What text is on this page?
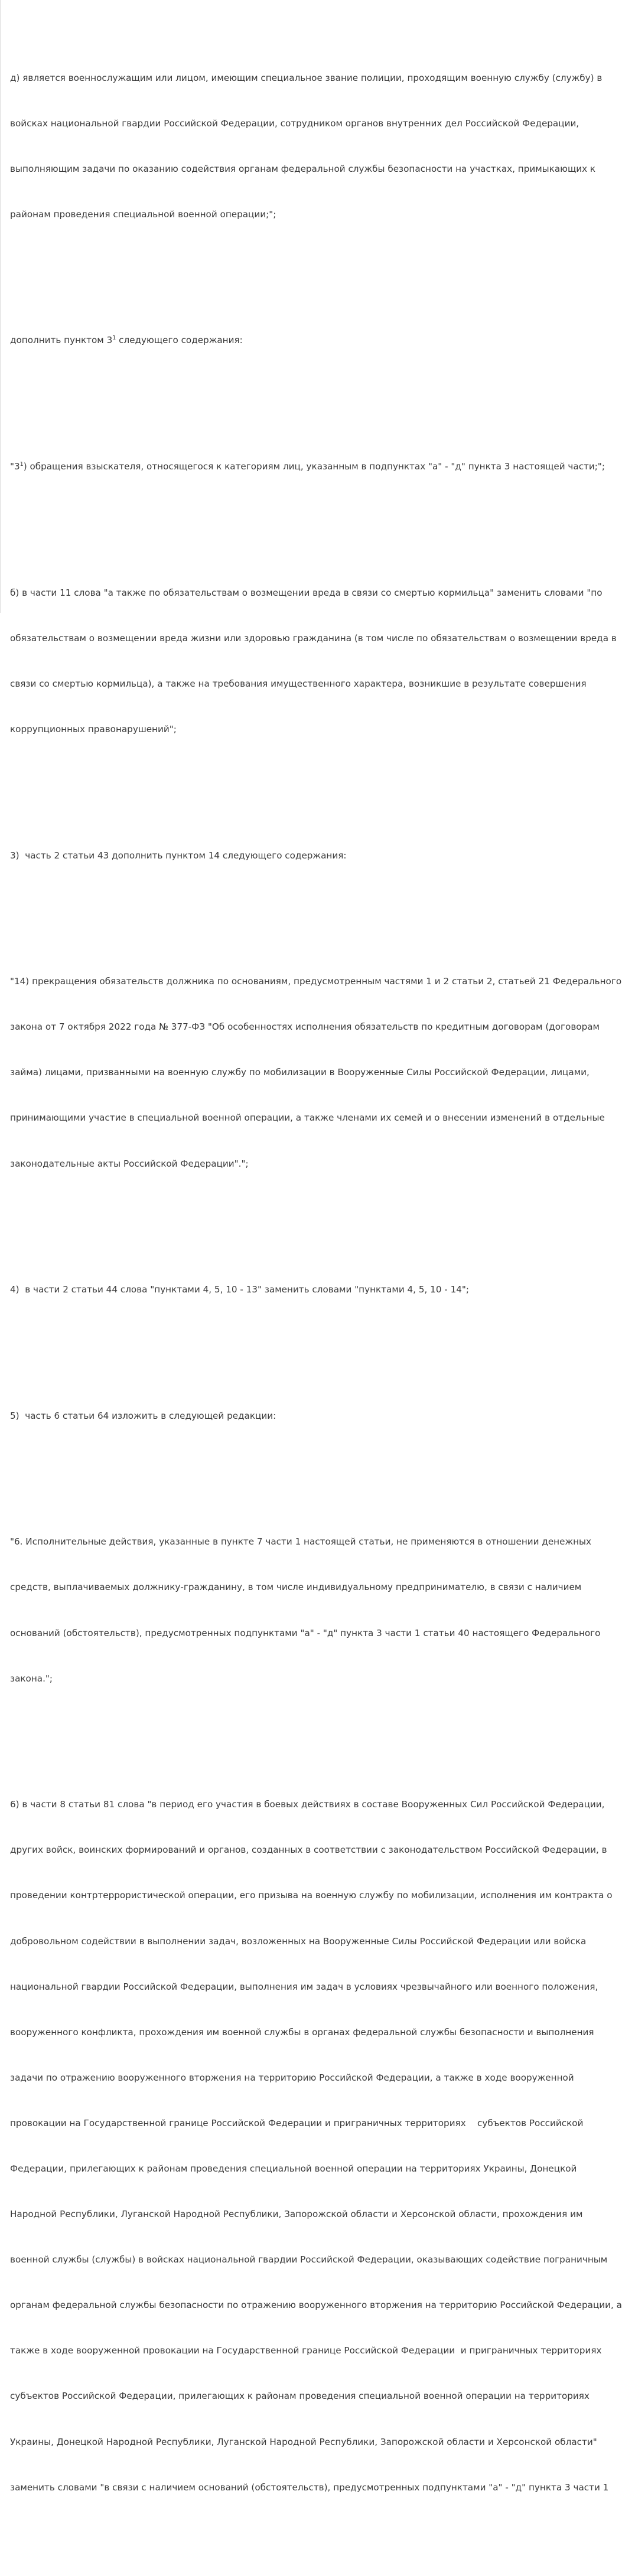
д) является военнослужащим или лицом, имеющим специальное звание полиции, проходящим военную службу (службу) в

войсках национальной гвардии Российской Федерации, сотрудником органов внутренних дел Российской Федерации,

выполняющим задачи по оказанию содействия органам федеральной службы безопасности на участках, примыкающих к

районам проведения специальной военной операции;";

дополнить пунктом $3^1$ следующего содержания:

"$3^1$) обращения взыскателя, относящегося к категориям лиц, указанным в подпунктах "а" - "д" пункта 3 настоящей части;";

б) в части 11 слова "а также по обязательствам о возмещении вреда в связи со смертью кормильца" заменить словами "по

обязательствам о возмещении вреда жизни или здоровью гражданина (в том числе по обязательствам о возмещении вреда в

связи со смертью кормильца), а также на требования имущественного характера, возникшие в результате совершения

коррупционных правонарушений";

3)  часть 2 статьи 43 дополнить пунктом 14 следующего содержания:

"14) прекращения обязательств должника по основаниям, предусмотренным частями 1 и 2 статьи 2, статьей 21 Федерального

закона от 7 октября 2022 года № 377-ФЗ "Об особенностях исполнения обязательств по кредитным договорам (договорам

займа) лицами, призванными на военную службу по мобилизации в Вооруженные Силы Российской Федерации, лицами,

принимающими участие в специальной военной операции, а также членами их семей и о внесении изменений в отдельные

законодательные акты Российской Федерации".";

4)  в части 2 статьи 44 слова "пунктами 4, 5, 10 - 13" заменить словами "пунктами 4, 5, 10 - 14";

5)  часть 6 статьи 64 изложить в следующей редакции:

"6. Исполнительные действия, указанные в пункте 7 части 1 настоящей статьи, не применяются в отношении денежных

средств, выплачиваемых должнику-гражданину, в том числе индивидуальному предпринимателю, в связи с наличием

оснований (обстоятельств), предусмотренных подпунктами "а" - "д" пункта 3 части 1 статьи 40 настоящего Федерального

закона.";

6) в части 8 статьи 81 слова "в период его участия в боевых действиях в составе Вооруженных Сил Российской Федерации,

других войск, воинских формирований и органов, созданных в соответствии с законодательством Российской Федерации, в

проведении контртеррористической операции, его призыва на военную службу по мобилизации, исполнения им контракта о

добровольном содействии в выполнении задач, возложенных на Вооруженные Силы Российской Федерации или войска

национальной гвардии Российской Федерации, выполнения им задач в условиях чрезвычайного или военного положения,

вооруженного конфликта, прохождения им военной службы в органах федеральной службы безопасности и выполнения

задачи по отражению вооруженного вторжения на территорию Российской Федерации, а также в ходе вооруженной

провокации на Государственной границе Российской Федерации и приграничных территориях    субъектов Российской

Федерации, прилегающих к районам проведения специальной военной операции на территориях Украины, Донецкой

Народной Республики, Луганской Народной Республики, Запорожской области и Херсонской области, прохождения им

военной службы (службы) в войсках национальной гвардии Российской Федерации, оказывающих содействие пограничным

органам федеральной службы безопасности по отражению вооруженного вторжения на территорию Российской Федерации, а

также в ходе вооруженной провокации на Государственной границе Российской Федерации  и приграничных территориях

субъектов Российской Федерации, прилегающих к районам проведения специальной военной операции на территориях

Украины, Донецкой Народной Республики, Луганской Народной Республики, Запорожской области и Херсонской области"

заменить словами "в связи с наличием оснований (обстоятельств), предусмотренных подпунктами "а" - "д" пункта 3 части 1
